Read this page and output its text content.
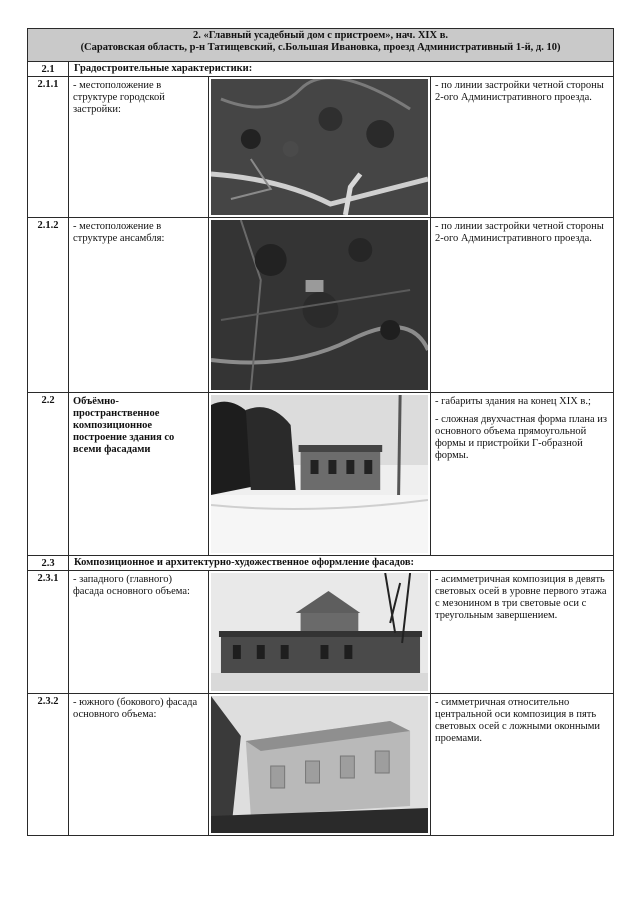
2. «Главный усадебный дом с пристроем», нач. XIX в.
(Саратовская область, р-н Татищевский, с.Большая Ивановка, проезд Административный 1-й, д. 10)			

2.1	Градостроительные характеристики:		
2.1.1	- местоположение в структуре городской застройки:		- по линии застройки четной стороны 2-ого Административного проезда.

2.1.2	- местоположение в структуре ансамбля:		- по линии застройки четной стороны 2-ого Административного проезда.

2.2	Объёмно-пространственное композиционное построение здания со всеми фасадами		- габариты здания на конец XIX в.;

- сложная двухчастная форма плана из основного объема прямоугольной формы и пристройки Г-образной формы.

2.3	Композиционное и архитектурно-художественное оформление фасадов:		
2.3.1	- западного (главного) фасада основного объема:		- асимметричная композиция в девять световых осей в уровне первого этажа с мезонином в три световые оси с треугольным завершением.

2.3.2	- южного (бокового) фасада основного объема:		- симметричная относительно центральной оси композиция в пять световых осей с ложными оконными проемами.
